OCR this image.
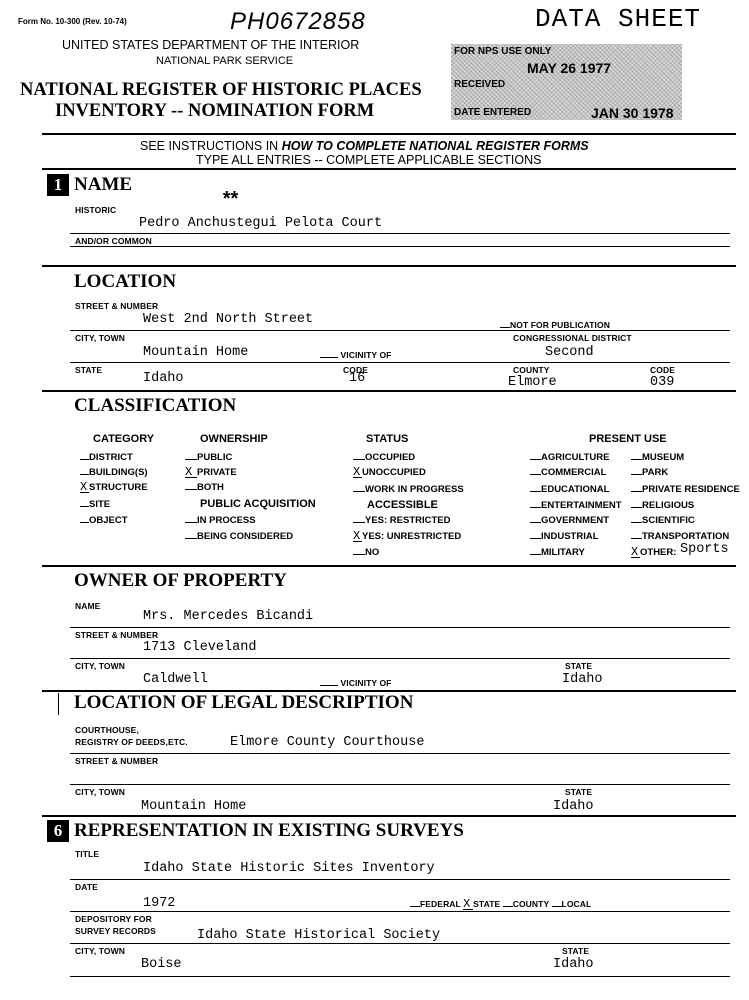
Form No. 10-300 (Rev. 10-74)	PH0672858	DATA SHEET
UNITED STATES DEPARTMENT OF THE INTERIOR
NATIONAL PARK SERVICE
NATIONAL REGISTER OF HISTORIC PLACES
INVENTORY -- NOMINATION FORM
FOR NPS USE ONLY
RECEIVED
MAY 26 1977
DATE ENTERED	JAN 30 1978
SEE INSTRUCTIONS IN HOW TO COMPLETE NATIONAL REGISTER FORMS
TYPE ALL ENTRIES -- COMPLETE APPLICABLE SECTIONS
1 NAME
HISTORIC	**
Pedro Anchustegui Pelota Court
AND/OR COMMON
LOCATION
STREET & NUMBER
West 2nd North Street	NOT FOR PUBLICATION
CITY, TOWN	CONGRESSIONAL DISTRICT
Mountain Home	VICINITY OF	Second
STATE	CODE	COUNTY	CODE
Idaho	16	Elmore	039
CLASSIFICATION
CATEGORY	OWNERSHIP	STATUS	PRESENT USE
DISTRICT
BUILDING(S)
X STRUCTURE
SITE
OBJECT
PUBLIC
X PRIVATE
BOTH
PUBLIC ACQUISITION
IN PROCESS
BEING CONSIDERED
OCCUPIED
X UNOCCUPIED
WORK IN PROGRESS
ACCESSIBLE
YES: RESTRICTED
X YES: UNRESTRICTED
NO
AGRICULTURE
COMMERCIAL
EDUCATIONAL
ENTERTAINMENT
GOVERNMENT
INDUSTRIAL
MILITARY
MUSEUM
PARK
PRIVATE RESIDENCE
RELIGIOUS
SCIENTIFIC
TRANSPORTATION
X OTHER: Sports
OWNER OF PROPERTY
NAME
Mrs. Mercedes Bicandi
STREET & NUMBER
1713 Cleveland
CITY, TOWN	STATE
Caldwell	VICINITY OF	Idaho
LOCATION OF LEGAL DESCRIPTION
COURTHOUSE,
REGISTRY OF DEEDS,ETC.	Elmore County Courthouse
STREET & NUMBER
CITY, TOWN	STATE
Mountain Home	Idaho
6 REPRESENTATION IN EXISTING SURVEYS
TITLE
Idaho State Historic Sites Inventory
DATE
1972	FEDERAL X STATE COUNTY LOCAL
DEPOSITORY FOR
SURVEY RECORDS	Idaho State Historical Society
CITY, TOWN	STATE
Boise	Idaho
